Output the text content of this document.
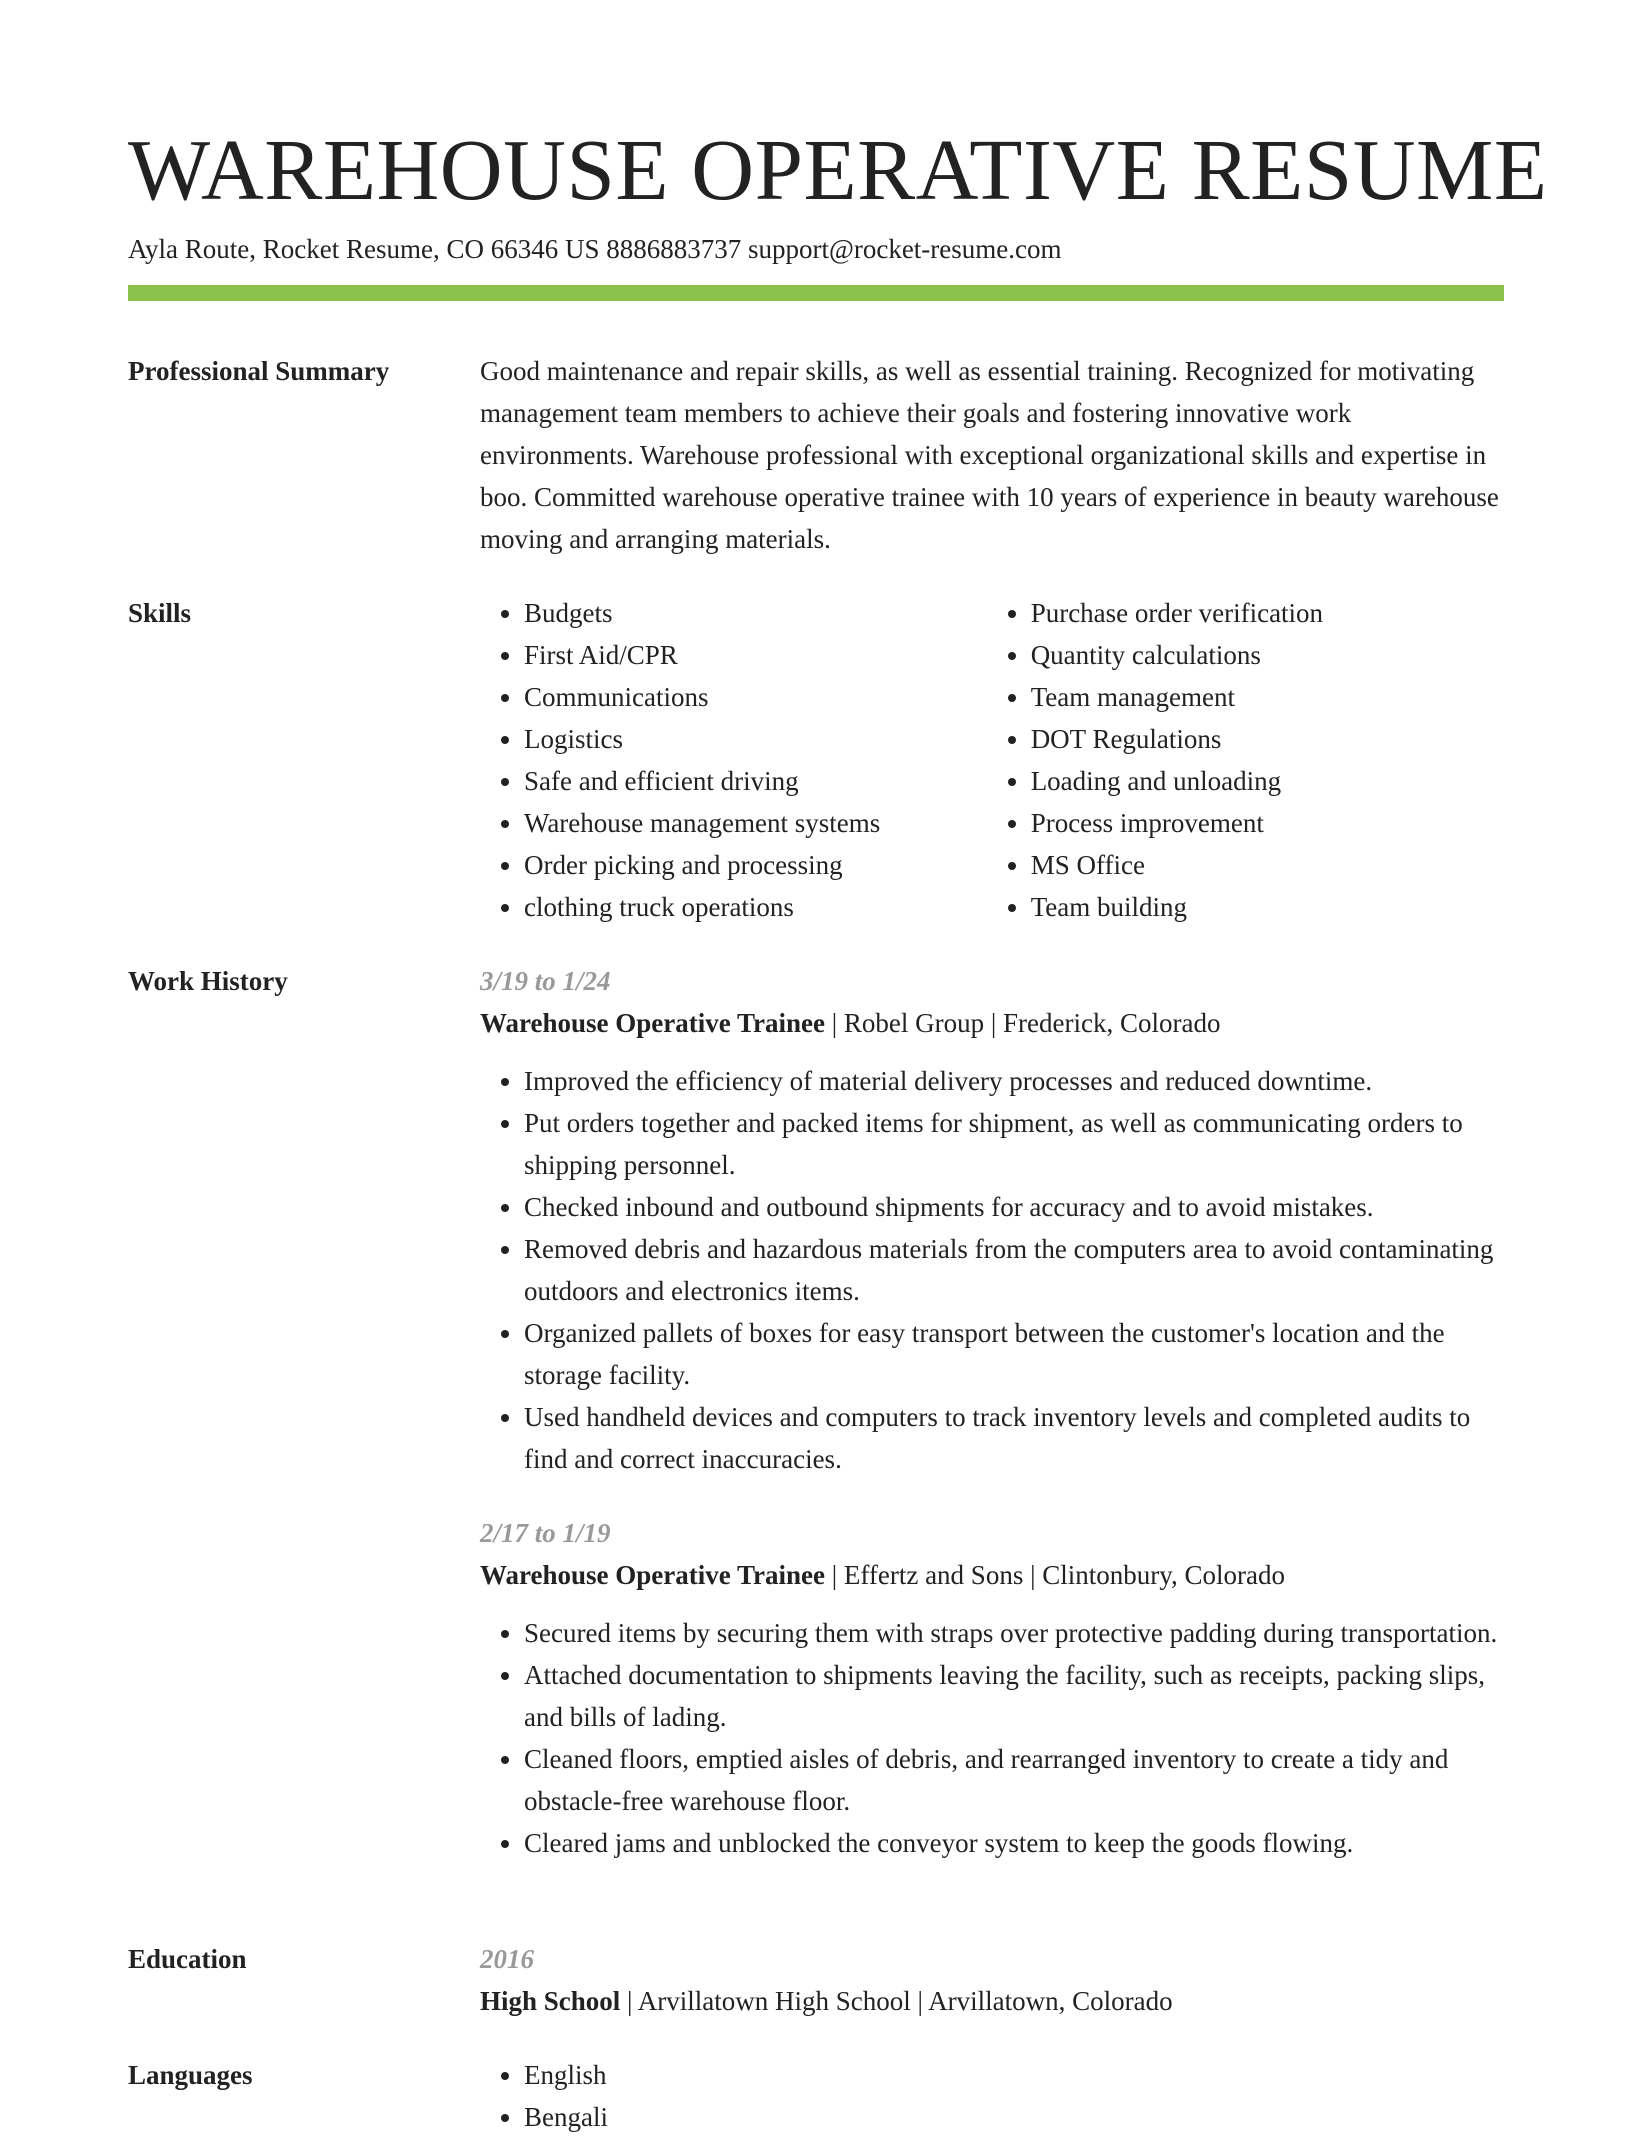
WAREHOUSE OPERATIVE RESUME
Ayla Route, Rocket Resume, CO 66346 US 8886883737 support@rocket-resume.com
Professional Summary	Good maintenance and repair skills, as well as essential training. Recognized for motivating management team members to achieve their goals and fostering innovative work environments. Warehouse professional with exceptional organizational skills and expertise in boo. Committed warehouse operative trainee with 10 years of experience in beauty warehouse moving and arranging materials.

Skills	• Budgets
• First Aid/CPR
• Communications
• Logistics
• Safe and efficient driving
• Warehouse management systems
• Order picking and processing
• clothing truck operations
• Purchase order verification
• Quantity calculations
• Team management
• DOT Regulations
• Loading and unloading
• Process improvement
• MS Office
• Team building
Work History	3/19 to 1/24

Warehouse Operative Trainee | Robel Group | Frederick, Colorado

• Improved the efficiency of material delivery processes and reduced downtime.
• Put orders together and packed items for shipment, as well as communicating orders to shipping personnel.
• Checked inbound and outbound shipments for accuracy and to avoid mistakes.
• Removed debris and hazardous materials from the computers area to avoid contaminating outdoors and electronics items.
• Organized pallets of boxes for easy transport between the customer's location and the storage facility.
• Used handheld devices and computers to track inventory levels and completed audits to find and correct inaccuracies.

2/17 to 1/19

Warehouse Operative Trainee | Effertz and Sons | Clintonbury, Colorado

• Secured items by securing them with straps over protective padding during transportation.
• Attached documentation to shipments leaving the facility, such as receipts, packing slips, and bills of lading.
• Cleaned floors, emptied aisles of debris, and rearranged inventory to create a tidy and obstacle-free warehouse floor.
• Cleared jams and unblocked the conveyor system to keep the goods flowing.
Education	2016

High School | Arvillatown High School | Arvillatown, Colorado

Languages	• English
• Bengali
